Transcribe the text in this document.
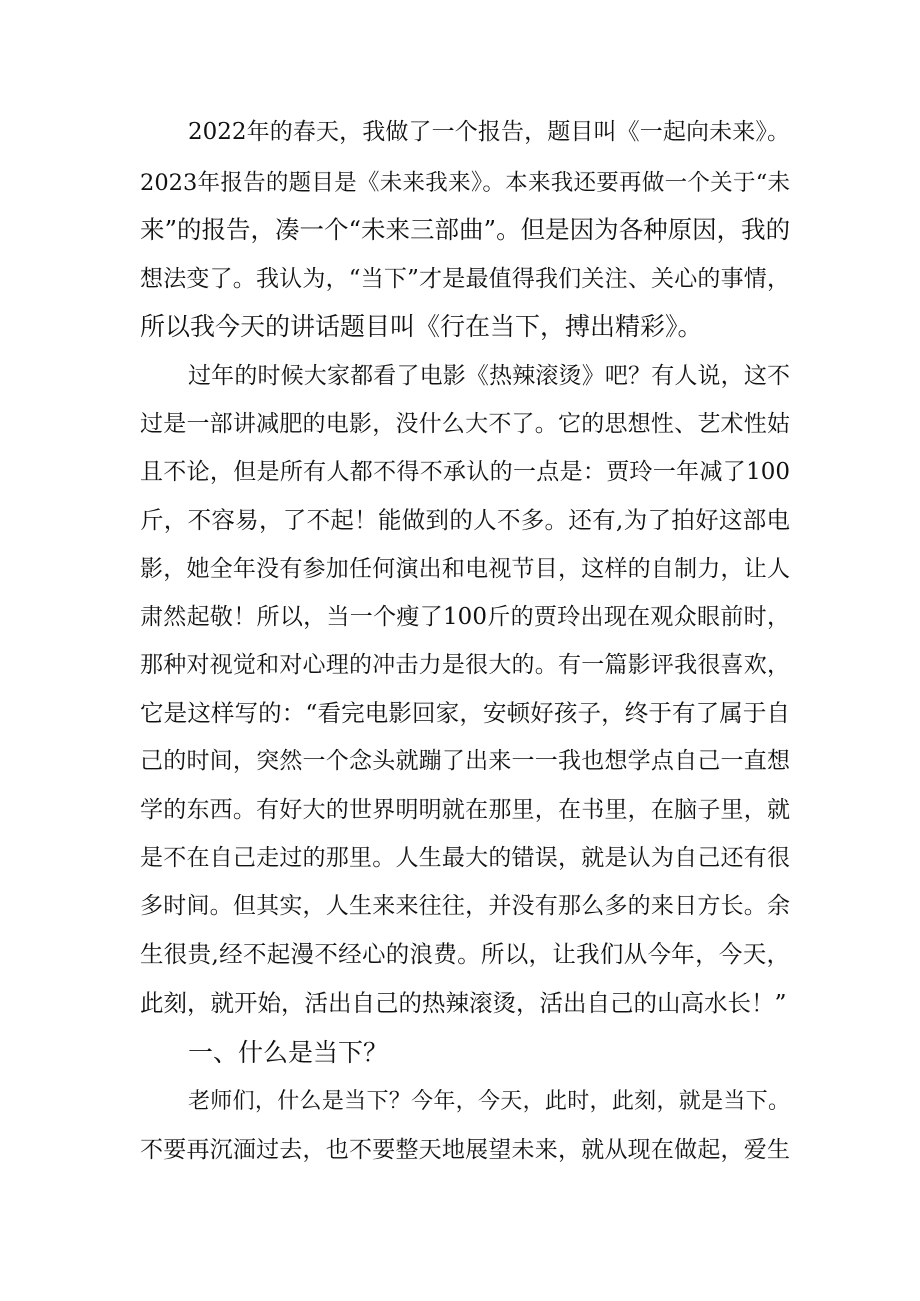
2022年的春天，我做了一个报告，题目叫《一起向未来》。
2023年报告的题目是《未来我来》。本来我还要再做一个关于“未
来”的报告，凑一个“未来三部曲”。但是因为各种原因，我的
想法变了。我认为，“当下”才是最值得我们关注、关心的事情，
所以我今天的讲话题目叫《行在当下，搏出精彩》。
过年的时候大家都看了电影《热辣滚烫》吧？有人说，这不
过是一部讲减肥的电影，没什么大不了。它的思想性、艺术性姑
且不论，但是所有人都不得不承认的一点是：贾玲一年减了100
斤，不容易，了不起！能做到的人不多。还有,为了拍好这部电
影，她全年没有参加任何演出和电视节目，这样的自制力，让人
肃然起敬！所以，当一个瘦了100斤的贾玲出现在观众眼前时，
那种对视觉和对心理的冲击力是很大的。有一篇影评我很喜欢，
它是这样写的：“看完电影回家，安顿好孩子，终于有了属于自
己的时间，突然一个念头就蹦了出来一一我也想学点自己一直想
学的东西。有好大的世界明明就在那里，在书里，在脑子里，就
是不在自己走过的那里。人生最大的错误，就是认为自己还有很
多时间。但其实，人生来来往往，并没有那么多的来日方长。余
生很贵,经不起漫不经心的浪费。所以，让我们从今年，今天，
此刻，就开始，活出自己的热辣滚烫，活出自己的山高水长！”
一、什么是当下？
老师们，什么是当下？今年，今天，此时，此刻，就是当下。
不要再沉湎过去，也不要整天地展望未来，就从现在做起，爱生
